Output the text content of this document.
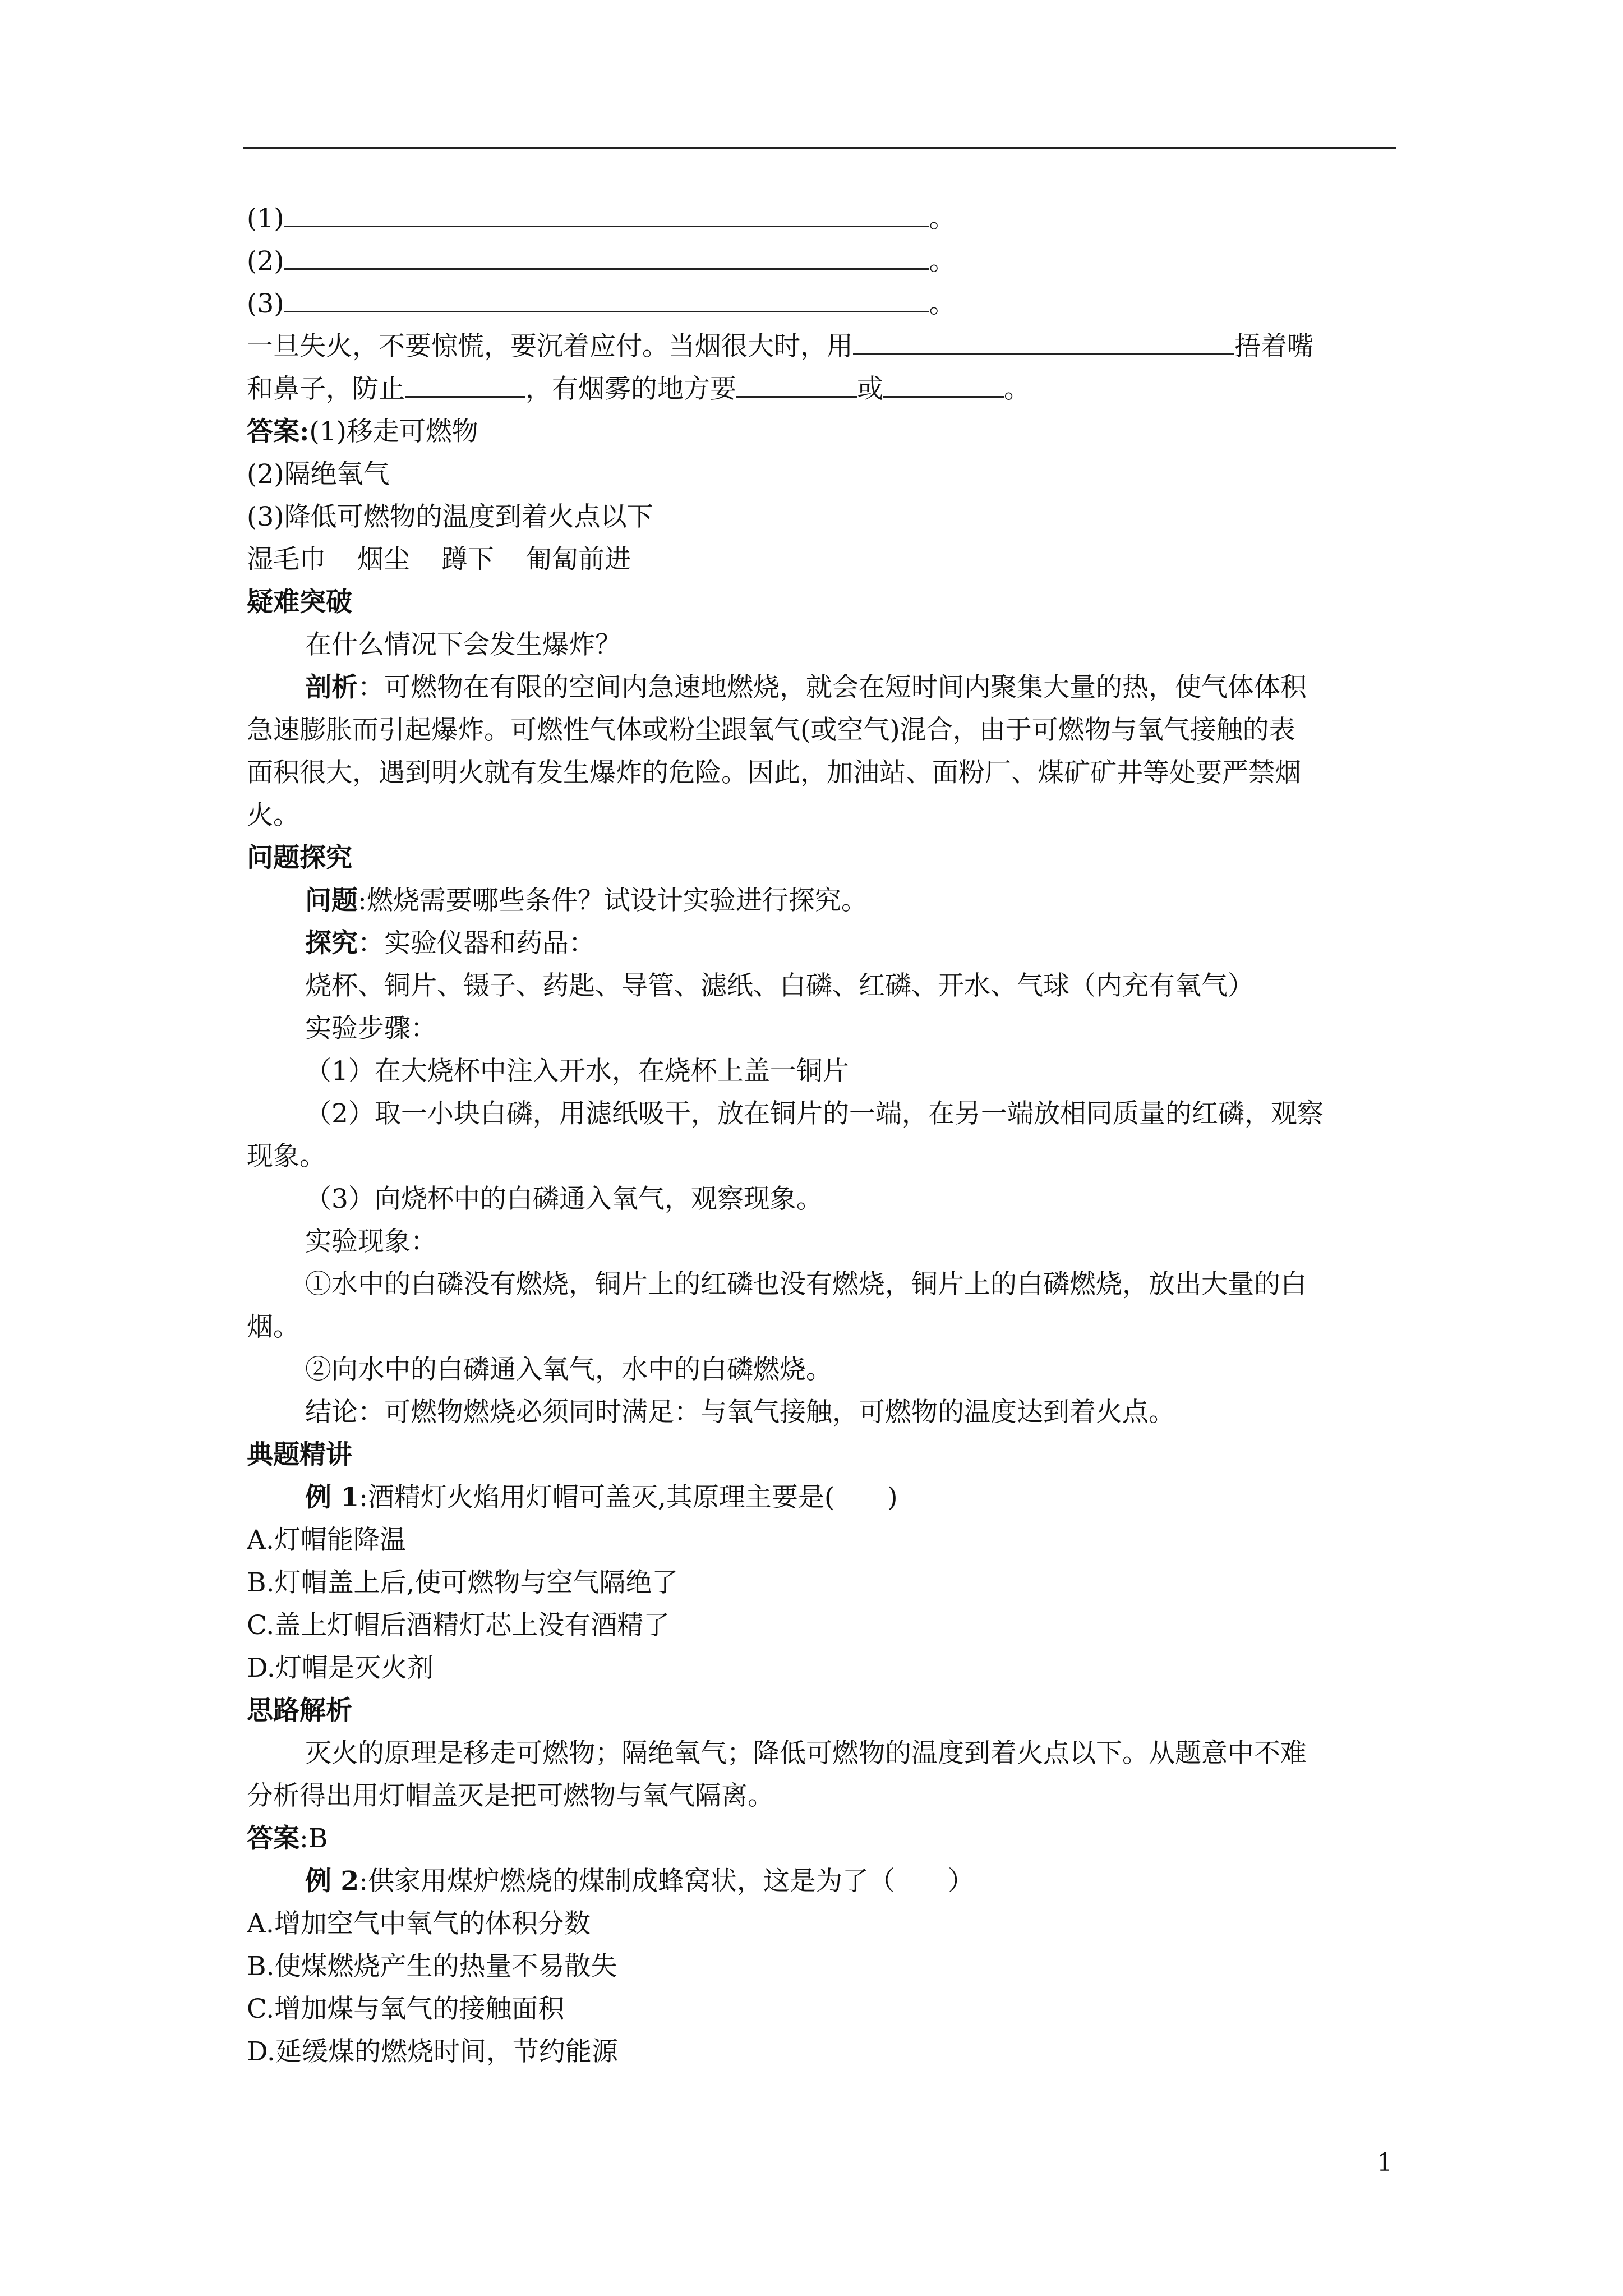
(1)	。
(2)	。
(3)	。
一旦失火，不要惊慌，要沉着应付。当烟很大时，用	捂着嘴
和鼻子，防止	，有烟雾的地方要	或	。
答案:(1)移走可燃物
(2)隔绝氧气
(3)降低可燃物的温度到着火点以下
湿毛巾 烟尘 蹲下 匍匐前进
疑难突破
在什么情况下会发生爆炸？
剖析：可燃物在有限的空间内急速地燃烧，就会在短时间内聚集大量的热，使气体体积
急速膨胀而引起爆炸。可燃性气体或粉尘跟氧气(或空气)混合，由于可燃物与氧气接触的表
面积很大，遇到明火就有发生爆炸的危险。因此，加油站、面粉厂、煤矿矿井等处要严禁烟
火。
问题探究
问题:燃烧需要哪些条件？试设计实验进行探究。
探究：实验仪器和药品：
烧杯、铜片、镊子、药匙、导管、滤纸、白磷、红磷、开水、气球（内充有氧气）
实验步骤：
（1）在大烧杯中注入开水，在烧杯上盖一铜片
（2）取一小块白磷，用滤纸吸干，放在铜片的一端，在另一端放相同质量的红磷，观察
现象。
（3）向烧杯中的白磷通入氧气，观察现象。
实验现象：
①水中的白磷没有燃烧，铜片上的红磷也没有燃烧，铜片上的白磷燃烧，放出大量的白
烟。
②向水中的白磷通入氧气，水中的白磷燃烧。
结论：可燃物燃烧必须同时满足：与氧气接触，可燃物的温度达到着火点。
典题精讲
例 1:酒精灯火焰用灯帽可盖灭,其原理主要是(　　)
A.灯帽能降温
B.灯帽盖上后,使可燃物与空气隔绝了
C.盖上灯帽后酒精灯芯上没有酒精了
D.灯帽是灭火剂
思路解析
灭火的原理是移走可燃物；隔绝氧气；降低可燃物的温度到着火点以下。从题意中不难
分析得出用灯帽盖灭是把可燃物与氧气隔离。
答案:B
例 2:供家用煤炉燃烧的煤制成蜂窝状，这是为了（　　）
A.增加空气中氧气的体积分数
B.使煤燃烧产生的热量不易散失
C.增加煤与氧气的接触面积
D.延缓煤的燃烧时间，节约能源
1
